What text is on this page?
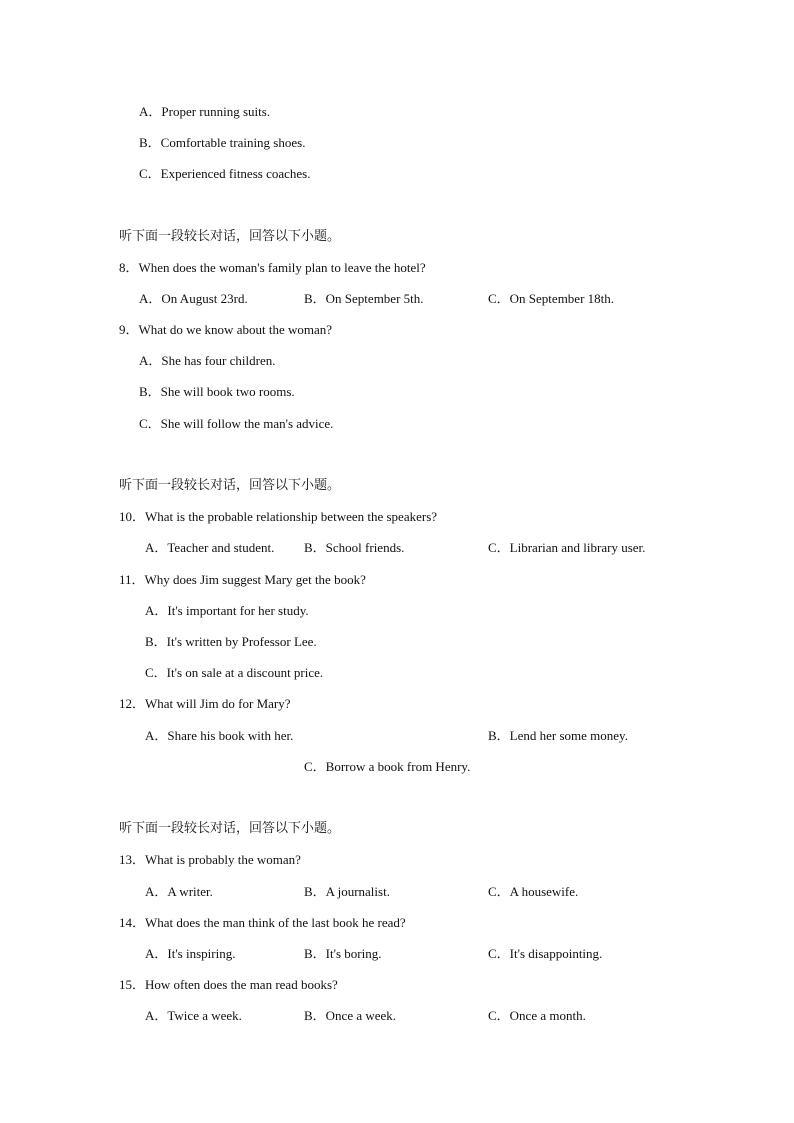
A．Proper running suits.
B．Comfortable training shoes.
C．Experienced fitness coaches.
听下面一段较长对话，回答以下小题。
8．When does the woman's family plan to leave the hotel?
A．On August 23rd.	B．On September 5th.	C．On September 18th.
9．What do we know about the woman?
A．She has four children.
B．She will book two rooms.
C．She will follow the man's advice.
听下面一段较长对话，回答以下小题。
10．What is the probable relationship between the speakers?
A．Teacher and student. B．School friends.	C．Librarian and library user.
11．Why does Jim suggest Mary get the book?
A．It's important for her study.
B．It's written by Professor Lee.
C．It's on sale at a discount price.
12．What will Jim do for Mary?
A．Share his book with her.	B．Lend her some money.
C．Borrow a book from Henry.
听下面一段较长对话，回答以下小题。
13．What is probably the woman?
A．A writer.	B．A journalist.	C．A housewife.
14．What does the man think of the last book he read?
A．It's inspiring.	B．It's boring.	C．It's disappointing.
15．How often does the man read books?
A．Twice a week.	B．Once a week.	C．Once a month.
